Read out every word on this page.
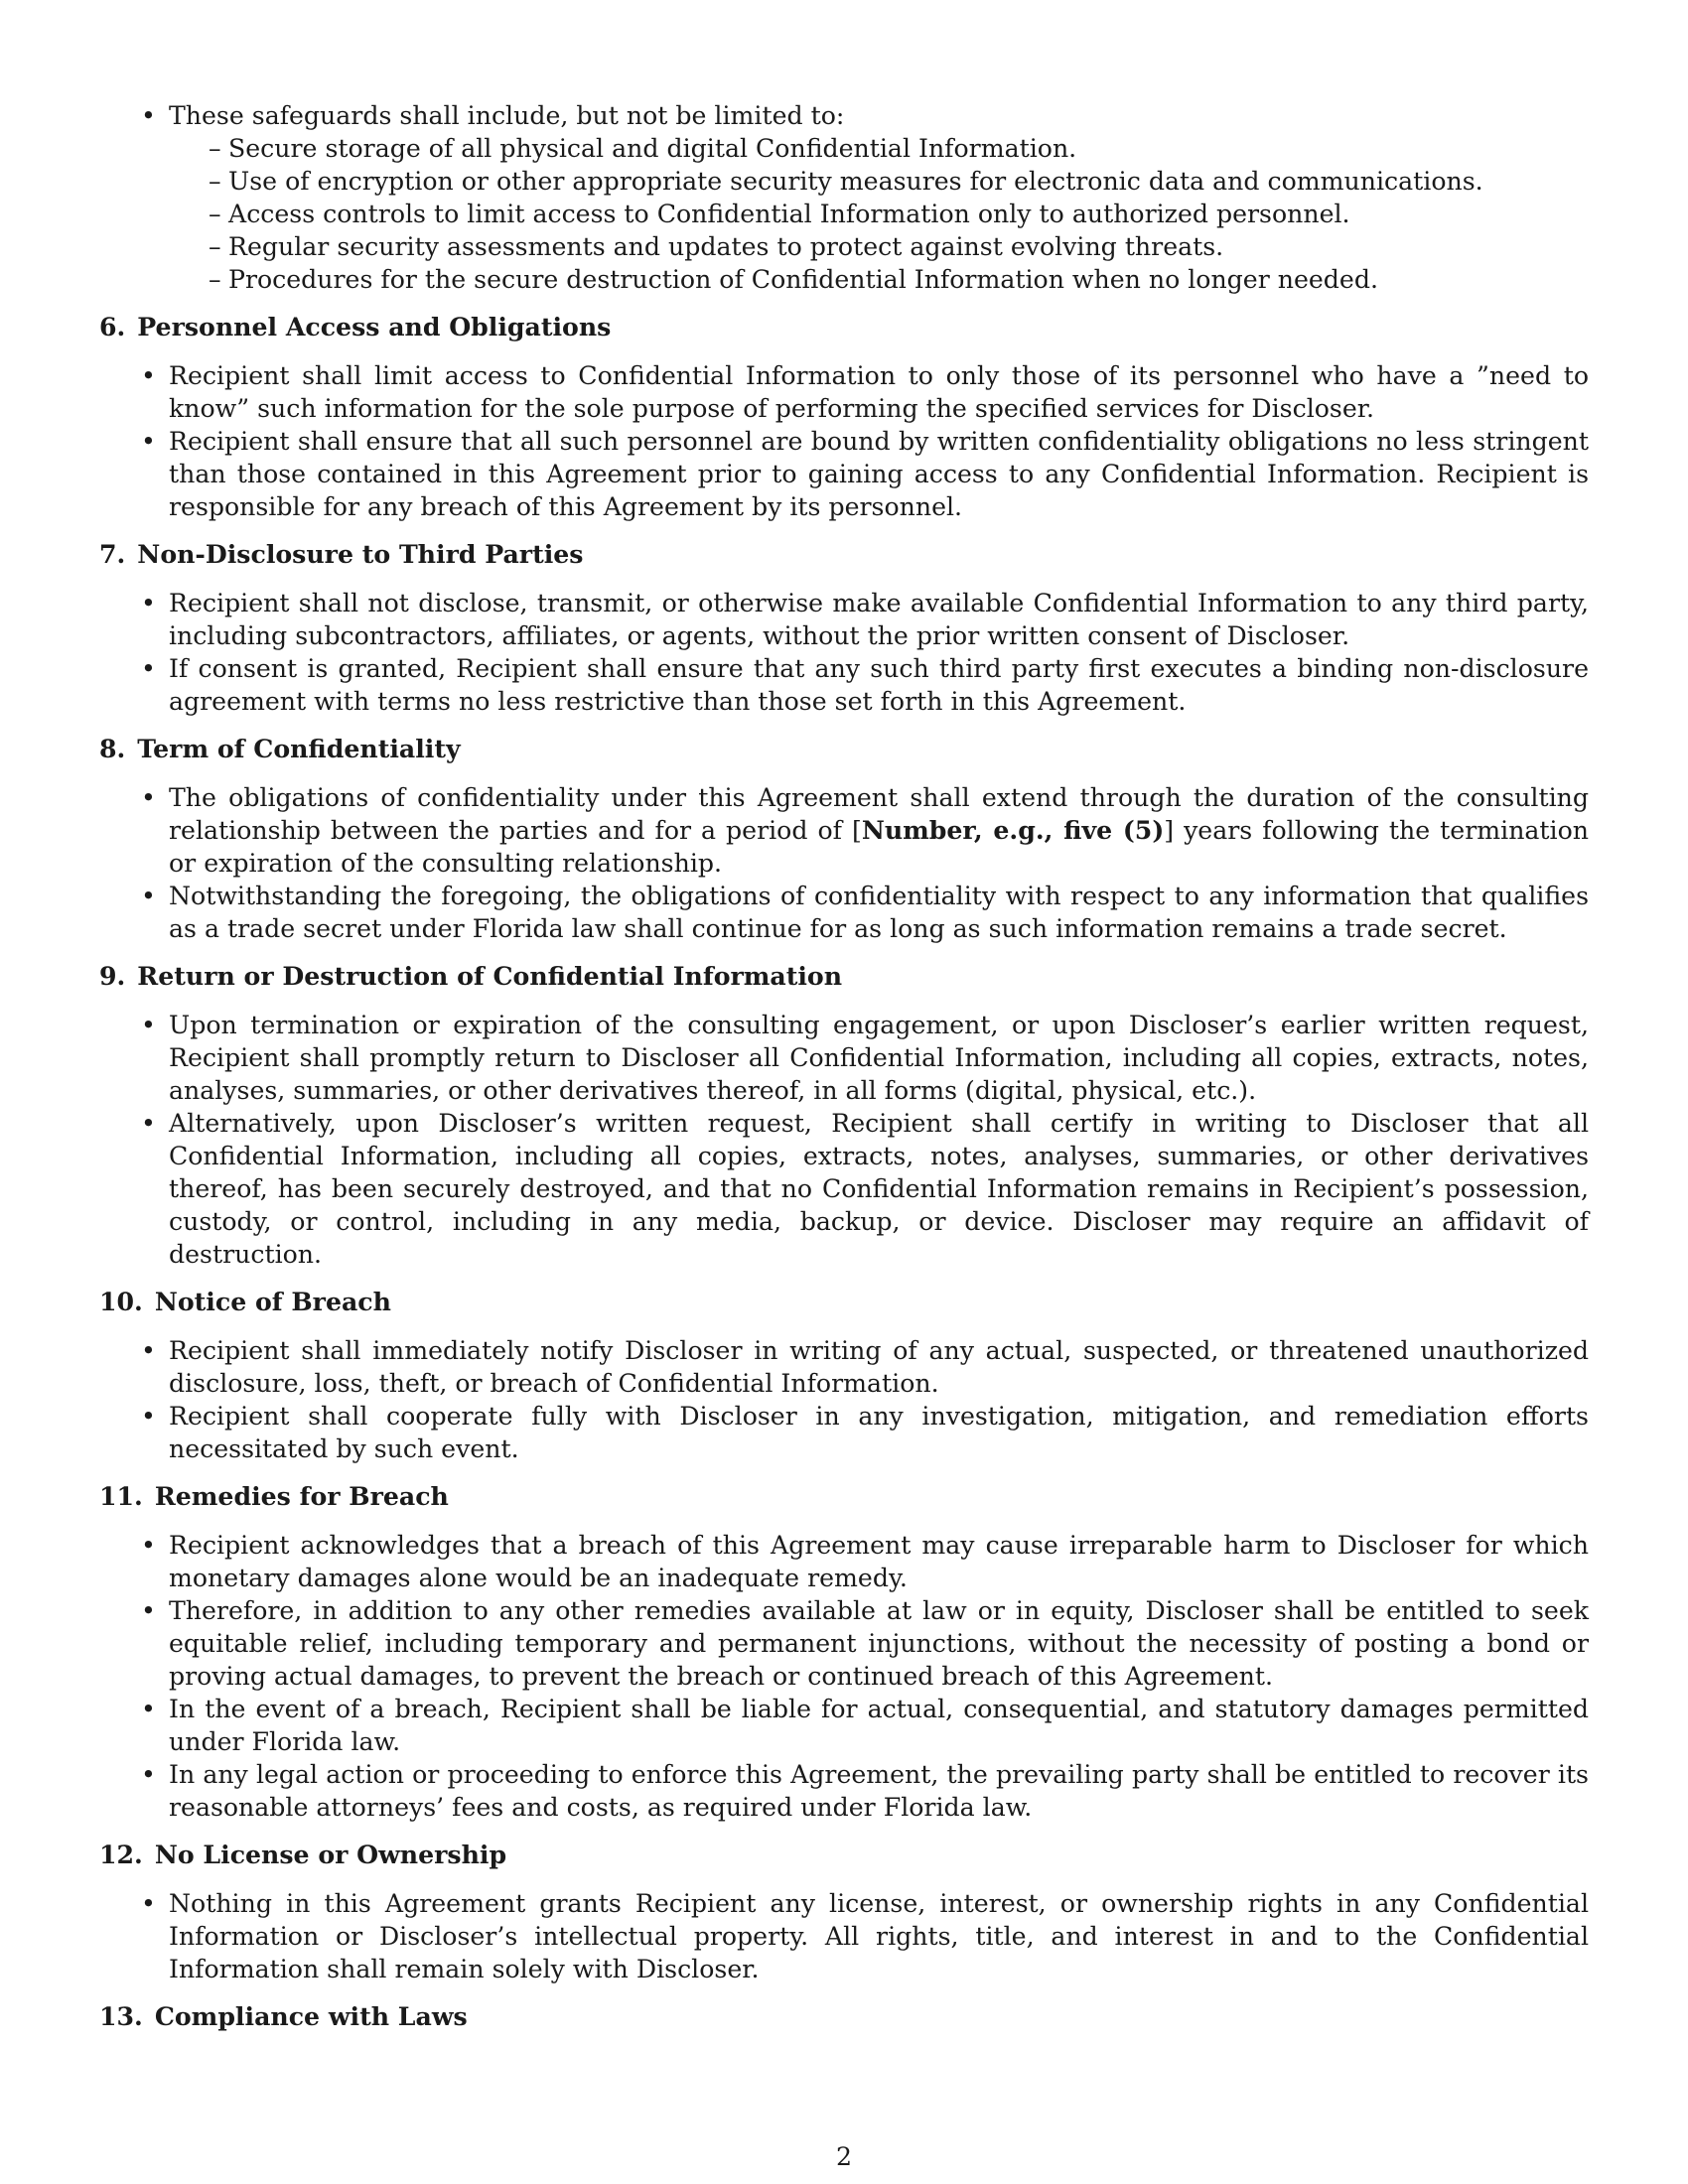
• These safeguards shall include, but not be limited to:

– Secure storage of all physical and digital Confidential Information.
– Use of encryption or other appropriate security measures for electronic data and communications.
– Access controls to limit access to Confidential Information only to authorized personnel.
– Regular security assessments and updates to protect against evolving threats.
– Procedures for the secure destruction of Confidential Information when no longer needed.
6. Personnel Access and Obligations
• Recipient shall limit access to Confidential Information to only those of its personnel who have a ”need to know” such information for the sole purpose of performing the specified services for Discloser.
• Recipient shall ensure that all such personnel are bound by written confidentiality obligations no less stringent than those contained in this Agreement prior to gaining access to any Confidential Information. Recipient is responsible for any breach of this Agreement by its personnel.
7. Non-Disclosure to Third Parties
• Recipient shall not disclose, transmit, or otherwise make available Confidential Information to any third party, including subcontractors, affiliates, or agents, without the prior written consent of Discloser.
• If consent is granted, Recipient shall ensure that any such third party first executes a binding non-disclosure agreement with terms no less restrictive than those set forth in this Agreement.
8. Term of Confidentiality
• The obligations of confidentiality under this Agreement shall extend through the duration of the consulting relationship between the parties and for a period of [Number, e.g., five (5)] years following the termination or expiration of the consulting relationship.
• Notwithstanding the foregoing, the obligations of confidentiality with respect to any information that qualifies as a trade secret under Florida law shall continue for as long as such information remains a trade secret.
9. Return or Destruction of Confidential Information
• Upon termination or expiration of the consulting engagement, or upon Discloser’s earlier written request, Recipient shall promptly return to Discloser all Confidential Information, including all copies, extracts, notes, analyses, summaries, or other derivatives thereof, in all forms (digital, physical, etc.).
• Alternatively, upon Discloser’s written request, Recipient shall certify in writing to Discloser that all Confidential Information, including all copies, extracts, notes, analyses, summaries, or other derivatives thereof, has been securely destroyed, and that no Confidential Information remains in Recipient’s possession, custody, or control, including in any media, backup, or device. Discloser may require an affidavit of destruction.
10. Notice of Breach
• Recipient shall immediately notify Discloser in writing of any actual, suspected, or threatened unauthorized disclosure, loss, theft, or breach of Confidential Information.
• Recipient shall cooperate fully with Discloser in any investigation, mitigation, and remediation efforts necessitated by such event.
11. Remedies for Breach
• Recipient acknowledges that a breach of this Agreement may cause irreparable harm to Discloser for which monetary damages alone would be an inadequate remedy.
• Therefore, in addition to any other remedies available at law or in equity, Discloser shall be entitled to seek equitable relief, including temporary and permanent injunctions, without the necessity of posting a bond or proving actual damages, to prevent the breach or continued breach of this Agreement.
• In the event of a breach, Recipient shall be liable for actual, consequential, and statutory damages permitted under Florida law.
• In any legal action or proceeding to enforce this Agreement, the prevailing party shall be entitled to recover its reasonable attorneys’ fees and costs, as required under Florida law.
12. No License or Ownership
• Nothing in this Agreement grants Recipient any license, interest, or ownership rights in any Confidential Information or Discloser’s intellectual property. All rights, title, and interest in and to the Confidential Information shall remain solely with Discloser.
13. Compliance with Laws
2
